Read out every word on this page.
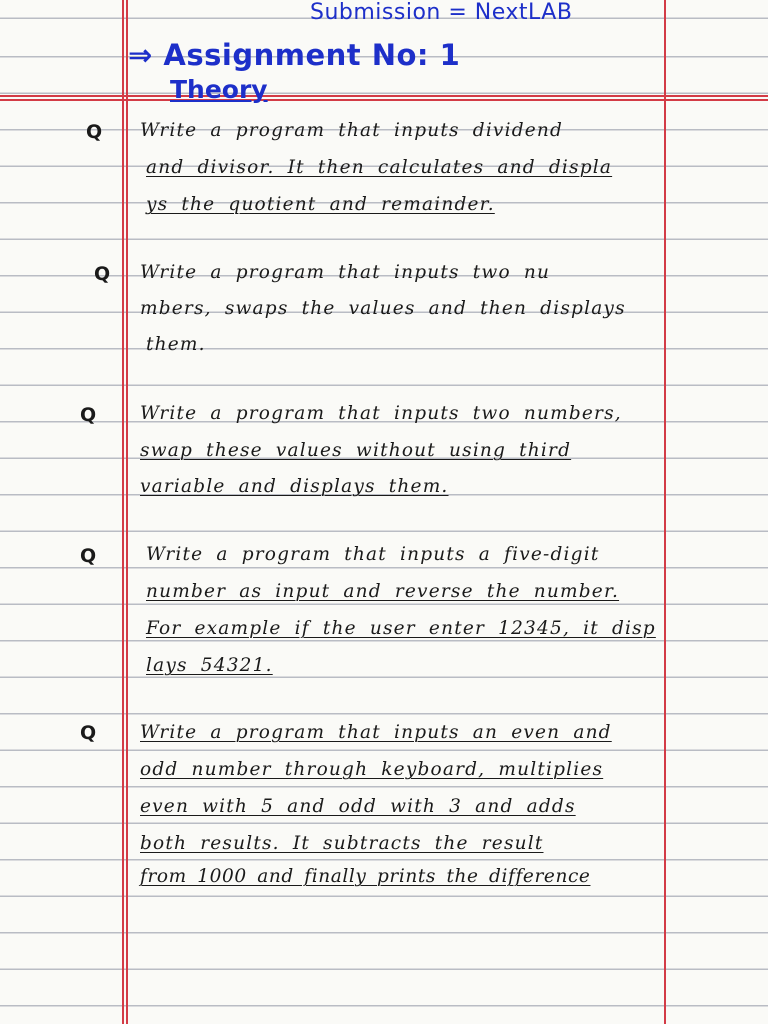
Submission = NextLAB
⇒ Assignment No: 1
Theory
Q Write a program that inputs dividend
and divisor. It then calculates and displa
ys the quotient and remainder.
Q Write a program that inputs two nu
mbers, swaps the values and then displays
them.
Q Write a program that inputs two numbers,
swap these values without using third
variable and displays them.
Q	Write a program that inputs a five-digit
number as input and reverse the number.
For example if the user enter 12345, it disp
lays 54321.
Q Write a program that inputs an even and
odd number through keyboard, multiplies
even with 5 and odd with 3 and adds
both results. It subtracts the result
from 1000 and finally prints the difference
